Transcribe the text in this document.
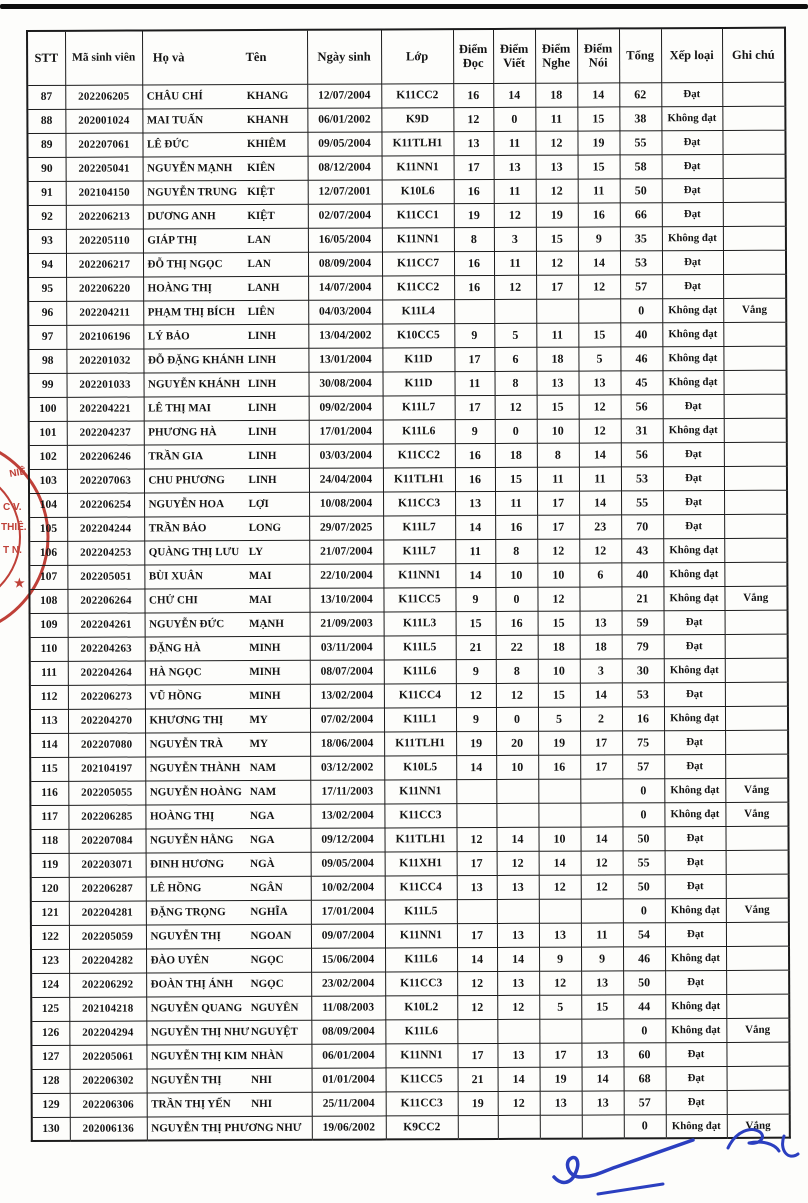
NIÊ
C V.
THIÊ.
T N.
★
STT	Mã sinh viên	Họ và Tên	Ngày sinh	Lớp	Điểm Đọc	Điểm Viết	Điểm Nghe	Điểm Nói	Tổng	Xếp loại	Ghi chú
87	202206205	CHÂU CHÍ KHANG	12/07/2004	K11CC2	16	14	18	14	62	Đạt	
88	202001024	MAI TUẤN KHANH	06/01/2002	K9D	12	0	11	15	38	Không đạt	
89	202207061	LÊ ĐỨC KHIÊM	09/05/2004	K11TLH1	13	11	12	19	55	Đạt	
90	202205041	NGUYỄN MẠNH KIÊN	08/12/2004	K11NN1	17	13	13	15	58	Đạt	
91	202104150	NGUYỄN TRUNG KIỆT	12/07/2001	K10L6	16	11	12	11	50	Đạt	
92	202206213	DƯƠNG ANH KIỆT	02/07/2004	K11CC1	19	12	19	16	66	Đạt	
93	202205110	GIÁP THỊ LAN	16/05/2004	K11NN1	8	3	15	9	35	Không đạt	
94	202206217	ĐỖ THỊ NGỌC LAN	08/09/2004	K11CC7	16	11	12	14	53	Đạt	
95	202206220	HOÀNG THỊ LANH	14/07/2004	K11CC2	16	12	17	12	57	Đạt	
96	202204211	PHẠM THỊ BÍCH LIÊN	04/03/2004	K11L4					0	Không đạt	Vắng
97	202106196	LÝ BẢO LINH	13/04/2002	K10CC5	9	5	11	15	40	Không đạt	
98	202201032	ĐỖ ĐẶNG KHÁNH LINH	13/01/2004	K11D	17	6	18	5	46	Không đạt	
99	202201033	NGUYỄN KHÁNH LINH	30/08/2004	K11D	11	8	13	13	45	Không đạt	
100	202204221	LÊ THỊ MAI LINH	09/02/2004	K11L7	17	12	15	12	56	Đạt	
101	202204237	PHƯƠNG HÀ LINH	17/01/2004	K11L6	9	0	10	12	31	Không đạt	
102	202206246	TRẦN GIA LINH	03/03/2004	K11CC2	16	18	8	14	56	Đạt	
103	202207063	CHU PHƯƠNG LINH	24/04/2004	K11TLH1	16	15	11	11	53	Đạt	
104	202206254	NGUYỄN HOA LỢI	10/08/2004	K11CC3	13	11	17	14	55	Đạt	
105	202204244	TRẦN BẢO LONG	29/07/2025	K11L7	14	16	17	23	70	Đạt	
106	202204253	QUÀNG THỊ LƯU LY	21/07/2004	K11L7	11	8	12	12	43	Không đạt	
107	202205051	BÙI XUÂN MAI	22/10/2004	K11NN1	14	10	10	6	40	Không đạt	
108	202206264	CHỬ CHI MAI	13/10/2004	K11CC5	9	0	12		21	Không đạt	Vắng
109	202204261	NGUYỄN ĐỨC MẠNH	21/09/2003	K11L3	15	16	15	13	59	Đạt	
110	202204263	ĐẶNG HÀ MINH	03/11/2004	K11L5	21	22	18	18	79	Đạt	
111	202204264	HÀ NGỌC MINH	08/07/2004	K11L6	9	8	10	3	30	Không đạt	
112	202206273	VŨ HỒNG MINH	13/02/2004	K11CC4	12	12	15	14	53	Đạt	
113	202204270	KHƯƠNG THỊ MY	07/02/2004	K11L1	9	0	5	2	16	Không đạt	
114	202207080	NGUYỄN TRÀ MY	18/06/2004	K11TLH1	19	20	19	17	75	Đạt	
115	202104197	NGUYỄN THÀNH NAM	03/12/2002	K10L5	14	10	16	17	57	Đạt	
116	202205055	NGUYỄN HOÀNG NAM	17/11/2003	K11NN1					0	Không đạt	Vắng
117	202206285	HOÀNG THỊ NGA	13/02/2004	K11CC3					0	Không đạt	Vắng
118	202207084	NGUYỄN HẰNG NGA	09/12/2004	K11TLH1	12	14	10	14	50	Đạt	
119	202203071	ĐINH HƯƠNG NGÀ	09/05/2004	K11XH1	17	12	14	12	55	Đạt	
120	202206287	LÊ HỒNG NGÂN	10/02/2004	K11CC4	13	13	12	12	50	Đạt	
121	202204281	ĐẶNG TRỌNG NGHĨA	17/01/2004	K11L5					0	Không đạt	Vắng
122	202205059	NGUYỄN THỊ NGOAN	09/07/2004	K11NN1	17	13	13	11	54	Đạt	
123	202204282	ĐÀO UYÊN NGỌC	15/06/2004	K11L6	14	14	9	9	46	Không đạt	
124	202206292	ĐOÀN THỊ ÁNH NGỌC	23/02/2004	K11CC3	12	13	12	13	50	Đạt	
125	202104218	NGUYỄN QUANG NGUYÊN	11/08/2003	K10L2	12	12	5	15	44	Không đạt	
126	202204294	NGUYỄN THỊ NHƯ NGUYỆT	08/09/2004	K11L6					0	Không đạt	Vắng
127	202205061	NGUYỄN THỊ KIM NHÀN	06/01/2004	K11NN1	17	13	17	13	60	Đạt	
128	202206302	NGUYỄN THỊ NHI	01/01/2004	K11CC5	21	14	19	14	68	Đạt	
129	202206306	TRẦN THỊ YẾN NHI	25/11/2004	K11CC3	19	12	13	13	57	Đạt	
130	202006136	NGUYỄN THỊ PHƯƠNG NHƯ	19/06/2002	K9CC2					0	Không đạt	Vắng
